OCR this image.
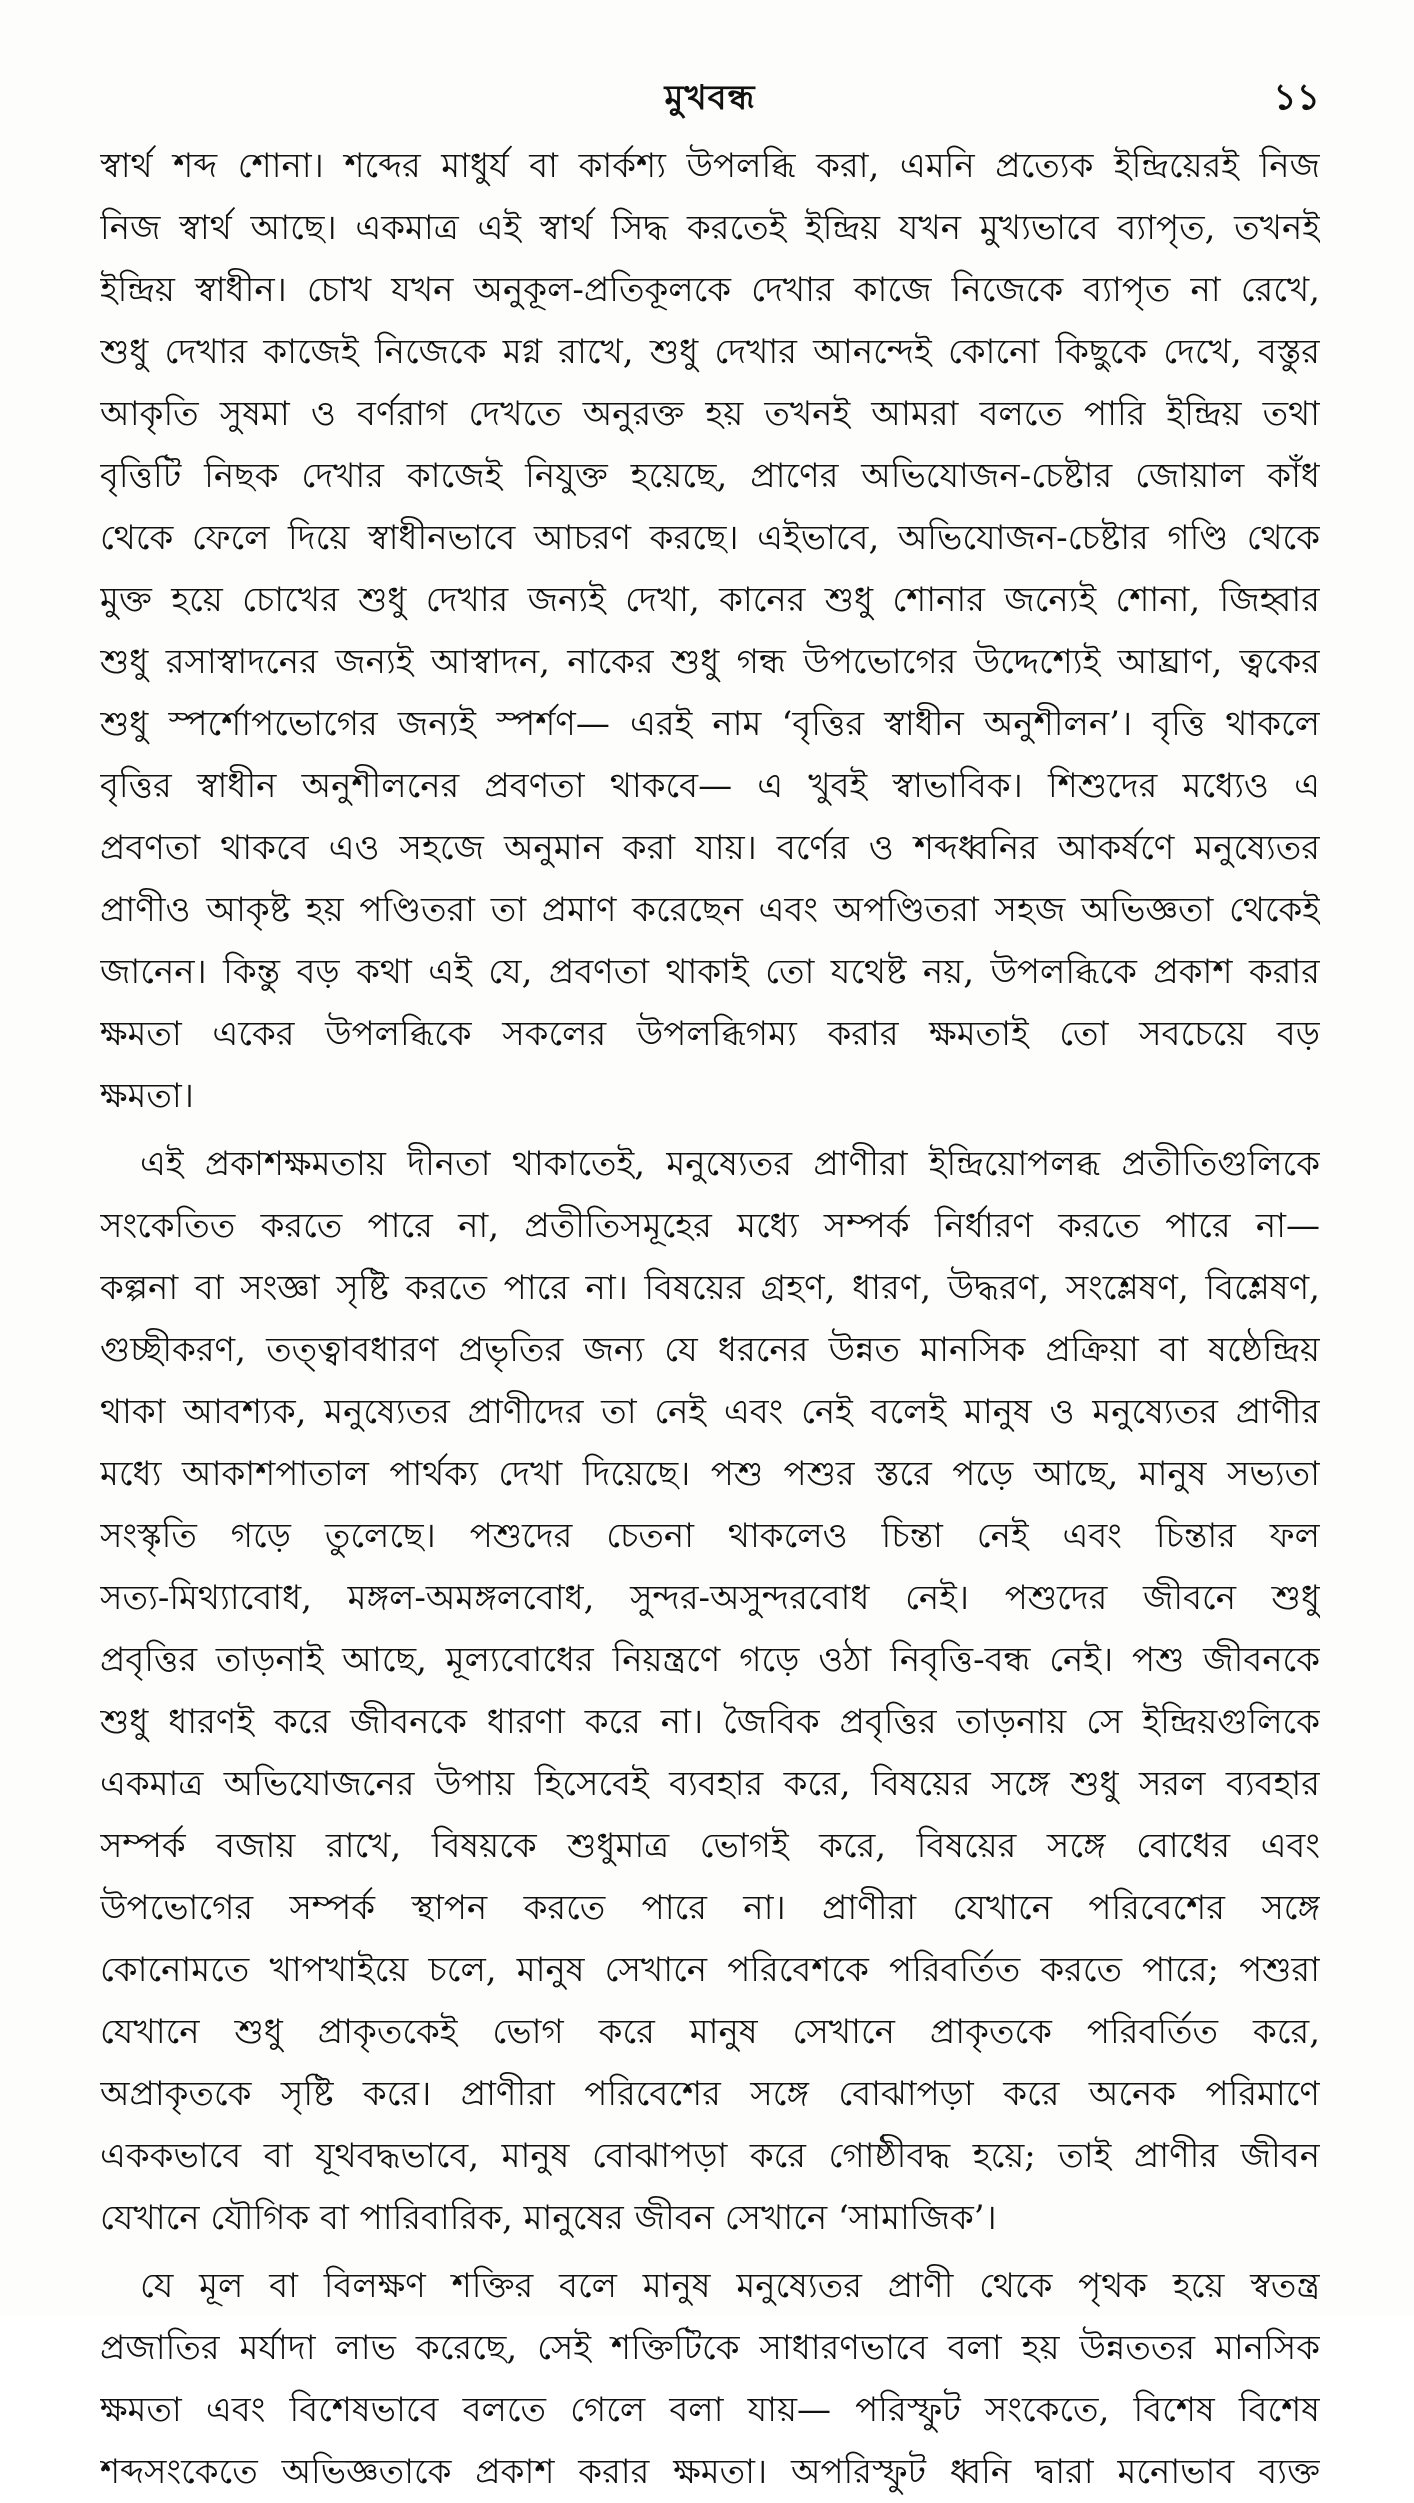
মুখবন্ধ	১১
স্বার্থ শব্দ শোনা। শব্দের মাধুর্য বা কার্কশ্য উপলব্ধি করা, এমনি প্রত্যেক ইন্দ্রিয়েরই নিজ
নিজ স্বার্থ আছে। একমাত্র এই স্বার্থ সিদ্ধ করতেই ইন্দ্রিয় যখন মুখ্যভাবে ব্যাপৃত, তখনই
ইন্দ্রিয় স্বাধীন। চোখ যখন অনুকূল-প্রতিকূলকে দেখার কাজে নিজেকে ব্যাপৃত না রেখে,
শুধু দেখার কাজেই নিজেকে মগ্ন রাখে, শুধু দেখার আনন্দেই কোনো কিছুকে দেখে, বস্তুর
আকৃতি সুষমা ও বর্ণরাগ দেখতে অনুরক্ত হয় তখনই আমরা বলতে পারি ইন্দ্রিয় তথা
বৃত্তিটি নিছক দেখার কাজেই নিযুক্ত হয়েছে, প্রাণের অভিযোজন-চেষ্টার জোয়াল কাঁধ
থেকে ফেলে দিয়ে স্বাধীনভাবে আচরণ করছে। এইভাবে, অভিযোজন-চেষ্টার গণ্ডি থেকে
মুক্ত হয়ে চোখের শুধু দেখার জন্যই দেখা, কানের শুধু শোনার জন্যেই শোনা, জিহ্বার
শুধু রসাস্বাদনের জন্যই আস্বাদন, নাকের শুধু গন্ধ উপভোগের উদ্দেশ্যেই আঘ্রাণ, ত্বকের
শুধু স্পর্শোপভোগের জন্যই স্পর্শণ— এরই নাম ‘বৃত্তির স্বাধীন অনুশীলন’। বৃত্তি থাকলে
বৃত্তির স্বাধীন অনুশীলনের প্রবণতা থাকবে— এ খুবই স্বাভাবিক। শিশুদের মধ্যেও এ
প্রবণতা থাকবে এও সহজে অনুমান করা যায়। বর্ণের ও শব্দধ্বনির আকর্ষণে মনুষ্যেতর
প্রাণীও আকৃষ্ট হয় পণ্ডিতরা তা প্রমাণ করেছেন এবং অপণ্ডিতরা সহজ অভিজ্ঞতা থেকেই
জানেন। কিন্তু বড় কথা এই যে, প্রবণতা থাকাই তো যথেষ্ট নয়, উপলব্ধিকে প্রকাশ করার
ক্ষমতা একের উপলব্ধিকে সকলের উপলব্ধিগম্য করার ক্ষমতাই তো সবচেয়ে বড়
ক্ষমতা।
এই প্রকাশক্ষমতায় দীনতা থাকাতেই, মনুষ্যেতর প্রাণীরা ইন্দ্রিয়োপলব্ধ প্রতীতিগুলিকে
সংকেতিত করতে পারে না, প্রতীতিসমূহের মধ্যে সম্পর্ক নির্ধারণ করতে পারে না—
কল্পনা বা সংজ্ঞা সৃষ্টি করতে পারে না। বিষয়ের গ্রহণ, ধারণ, উদ্ধরণ, সংশ্লেষণ, বিশ্লেষণ,
গুচ্ছীকরণ, তত্ত্বাবধারণ প্রভৃতির জন্য যে ধরনের উন্নত মানসিক প্রক্রিয়া বা ষষ্ঠেন্দ্রিয়
থাকা আবশ্যক, মনুষ্যেতর প্রাণীদের তা নেই এবং নেই বলেই মানুষ ও মনুষ্যেতর প্রাণীর
মধ্যে আকাশপাতাল পার্থক্য দেখা দিয়েছে। পশু পশুর স্তরে পড়ে আছে, মানুষ সভ্যতা
সংস্কৃতি গড়ে তুলেছে। পশুদের চেতনা থাকলেও চিন্তা নেই এবং চিন্তার ফল
সত্য-মিথ্যাবোধ, মঙ্গল-অমঙ্গলবোধ, সুন্দর-অসুন্দরবোধ নেই। পশুদের জীবনে শুধু
প্রবৃত্তির তাড়নাই আছে, মূল্যবোধের নিয়ন্ত্রণে গড়ে ওঠা নিবৃত্তি-বন্ধ নেই। পশু জীবনকে
শুধু ধারণই করে জীবনকে ধারণা করে না। জৈবিক প্রবৃত্তির তাড়নায় সে ইন্দ্রিয়গুলিকে
একমাত্র অভিযোজনের উপায় হিসেবেই ব্যবহার করে, বিষয়ের সঙ্গে শুধু সরল ব্যবহার
সম্পর্ক বজায় রাখে, বিষয়কে শুধুমাত্র ভোগই করে, বিষয়ের সঙ্গে বোধের এবং
উপভোগের সম্পর্ক স্থাপন করতে পারে না। প্রাণীরা যেখানে পরিবেশের সঙ্গে
কোনোমতে খাপখাইয়ে চলে, মানুষ সেখানে পরিবেশকে পরিবর্তিত করতে পারে; পশুরা
যেখানে শুধু প্রাকৃতকেই ভোগ করে মানুষ সেখানে প্রাকৃতকে পরিবর্তিত করে,
অপ্রাকৃতকে সৃষ্টি করে। প্রাণীরা পরিবেশের সঙ্গে বোঝাপড়া করে অনেক পরিমাণে
এককভাবে বা যূথবদ্ধভাবে, মানুষ বোঝাপড়া করে গোষ্ঠীবদ্ধ হয়ে; তাই প্রাণীর জীবন
যেখানে যৌগিক বা পারিবারিক, মানুষের জীবন সেখানে ‘সামাজিক’।
যে মূল বা বিলক্ষণ শক্তির বলে মানুষ মনুষ্যেতর প্রাণী থেকে পৃথক হয়ে স্বতন্ত্র
প্রজাতির মর্যাদা লাভ করেছে, সেই শক্তিটিকে সাধারণভাবে বলা হয় উন্নততর মানসিক
ক্ষমতা এবং বিশেষভাবে বলতে গেলে বলা যায়— পরিস্ফুট সংকেতে, বিশেষ বিশেষ
শব্দসংকেতে অভিজ্ঞতাকে প্রকাশ করার ক্ষমতা। অপরিস্ফুট ধ্বনি দ্বারা মনোভাব ব্যক্ত
